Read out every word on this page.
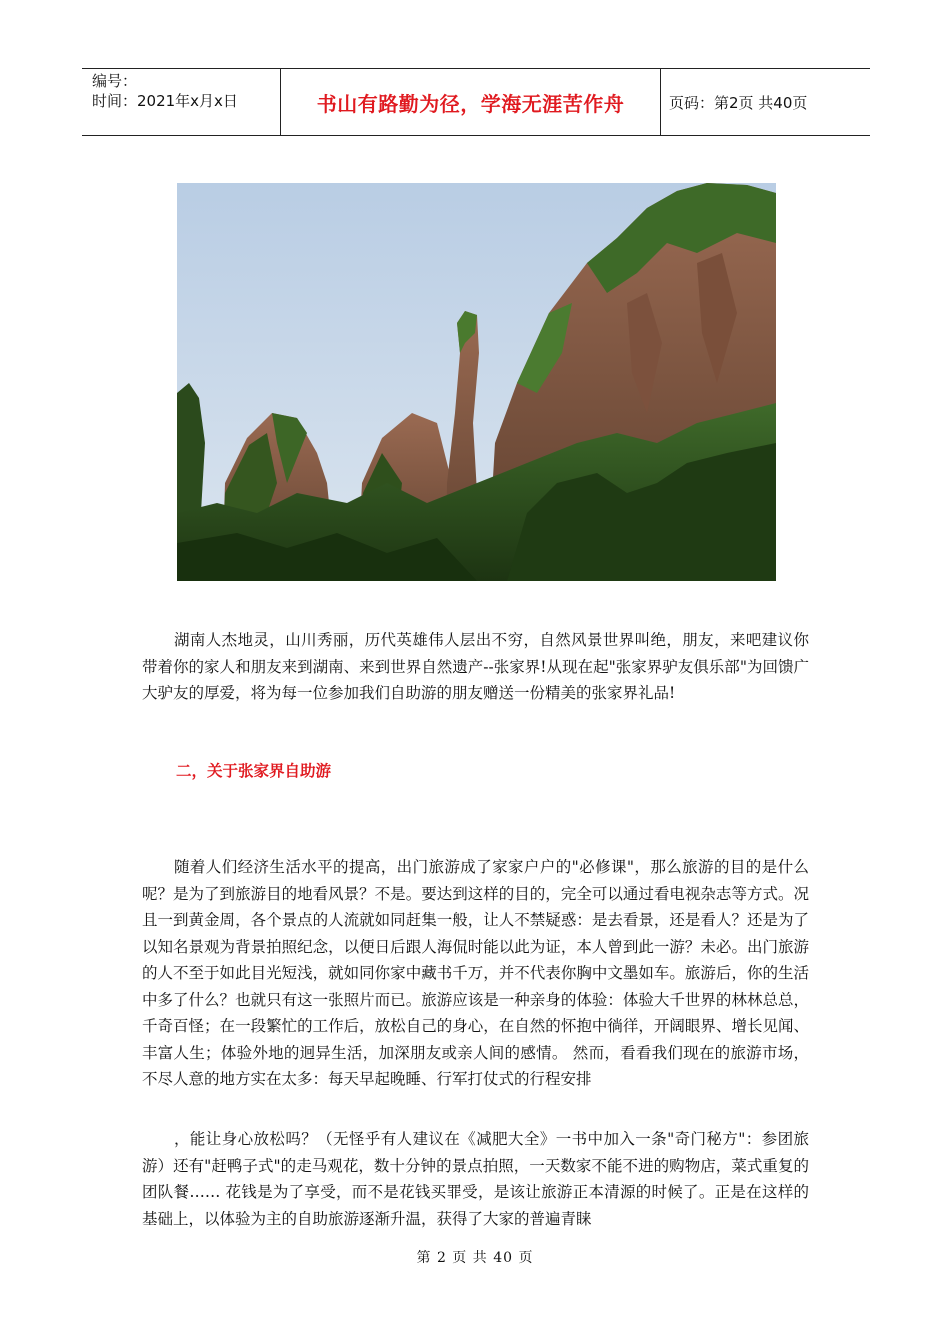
编号：
时间：2021年x月x日	书山有路勤为径，学海无涯苦作舟	页码：第2页 共40页

湖南人杰地灵，山川秀丽，历代英雄伟人层出不穷，自然风景世界叫绝，朋友，来吧建议你带着你的家人和朋友来到湖南、来到世界自然遗产--张家界!从现在起"张家界驴友俱乐部"为回馈广大驴友的厚爱，将为每一位参加我们自助游的朋友赠送一份精美的张家界礼品!

二，关于张家界自助游

随着人们经济生活水平的提高，出门旅游成了家家户户的"必修课"，那么旅游的目的是什么呢？是为了到旅游目的地看风景？不是。要达到这样的目的，完全可以通过看电视杂志等方式。况且一到黄金周，各个景点的人流就如同赶集一般，让人不禁疑惑：是去看景，还是看人？还是为了以知名景观为背景拍照纪念，以便日后跟人海侃时能以此为证，本人曾到此一游？未必。出门旅游的人不至于如此目光短浅，就如同你家中藏书千万，并不代表你胸中文墨如车。旅游后，你的生活中多了什么？也就只有这一张照片而已。旅游应该是一种亲身的体验：体验大千世界的林林总总，千奇百怪；在一段繁忙的工作后，放松自己的身心，在自然的怀抱中徜徉，开阔眼界、增长见闻、丰富人生；体验外地的迥异生活，加深朋友或亲人间的感情。 然而，看看我们现在的旅游市场，不尽人意的地方实在太多：每天早起晚睡、行军打仗式的行程安排

，能让身心放松吗？（无怪乎有人建议在《减肥大全》一书中加入一条"奇门秘方"：参团旅游）还有"赶鸭子式"的走马观花，数十分钟的景点拍照，一天数家不能不进的购物店，菜式重复的团队餐…… 花钱是为了享受，而不是花钱买罪受，是该让旅游正本清源的时候了。正是在这样的基础上，以体验为主的自助旅游逐渐升温，获得了大家的普遍青睐

第 2 页 共 40 页
